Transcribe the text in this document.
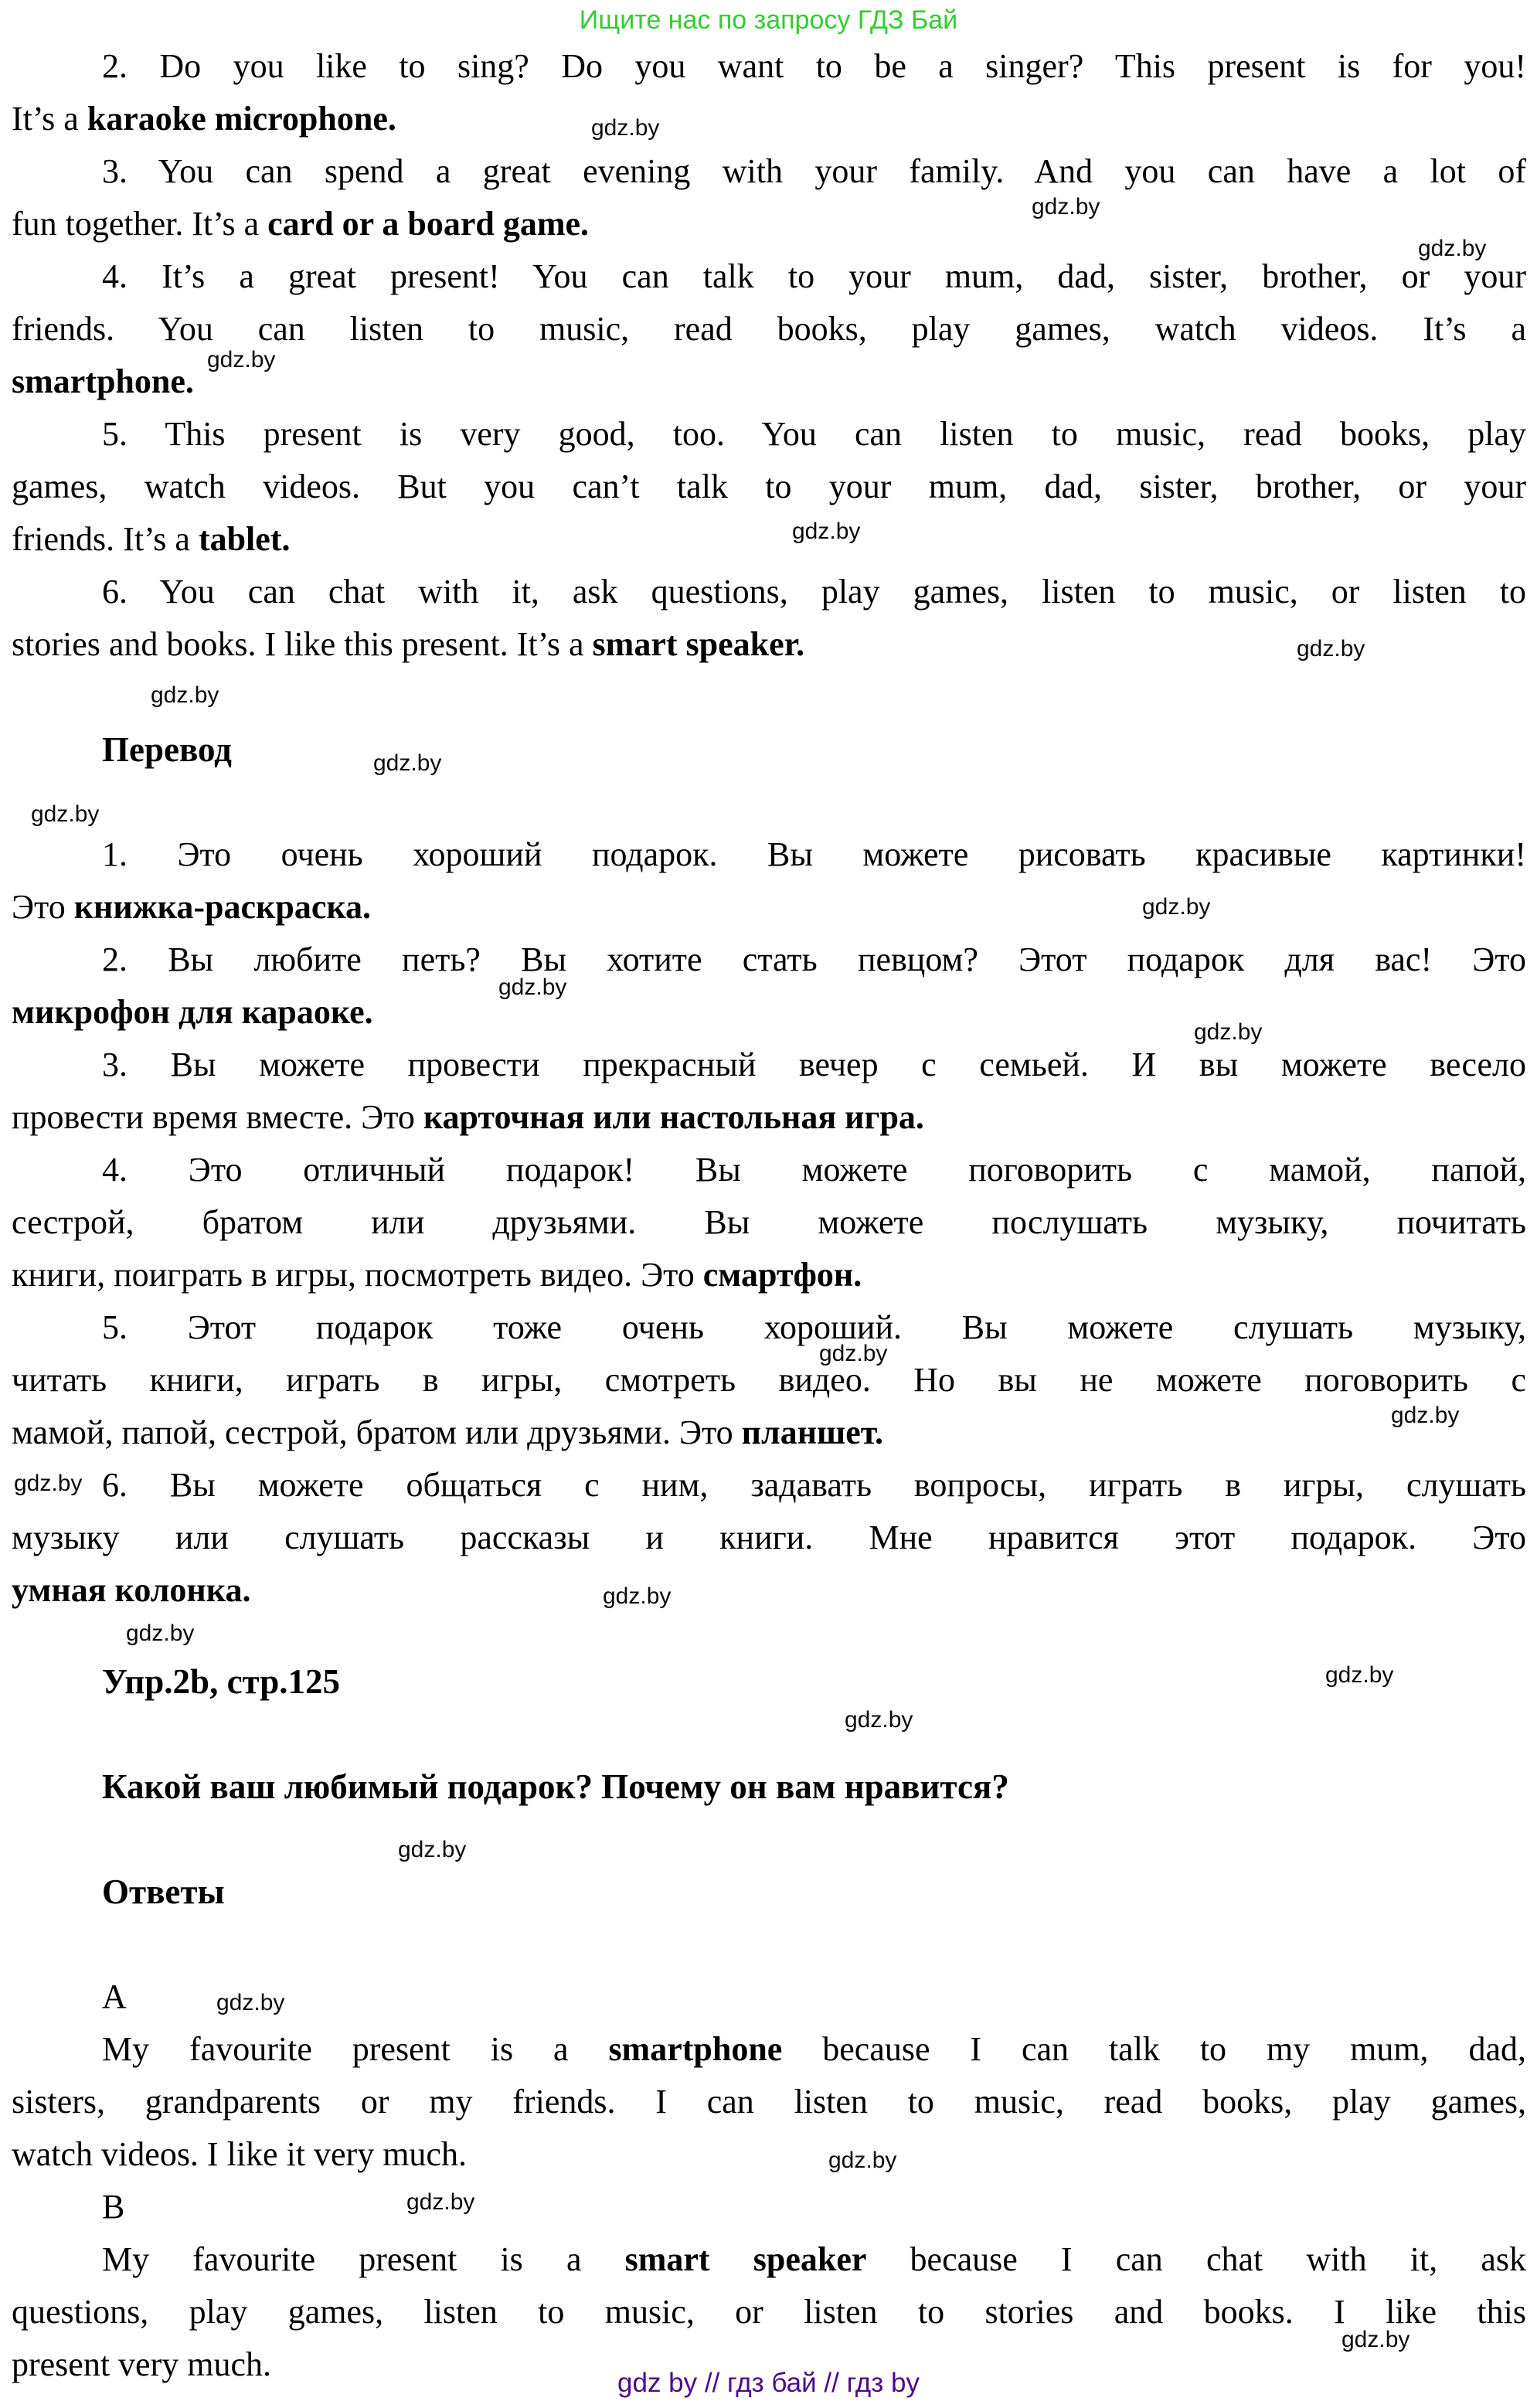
Ищите нас по запросу ГДЗ Бай
2. Do you like to sing? Do you want to be a singer? This present is for you!
It’s a karaoke microphone.
3. You can spend a great evening with your family. And you can have a lot of
fun together. It’s a card or a board game.
4. It’s a great present! You can talk to your mum, dad, sister, brother, or your
friends. You can listen to music, read books, play games, watch videos. It’s a
smartphone.
5. This present is very good, too. You can listen to music, read books, play
games, watch videos. But you can’t talk to your mum, dad, sister, brother, or your
friends. It’s a tablet.
6. You can chat with it, ask questions, play games, listen to music, or listen to
stories and books. I like this present. It’s a smart speaker.
Перевод
1. Это очень хороший подарок. Вы можете рисовать красивые картинки!
Это книжка-раскраска.
2. Вы любите петь? Вы хотите стать певцом? Этот подарок для вас! Это
микрофон для караоке.
3. Вы можете провести прекрасный вечер с семьей. И вы можете весело
провести время вместе. Это карточная или настольная игра.
4. Это отличный подарок! Вы можете поговорить с мамой, папой,
сестрой, братом или друзьями. Вы можете послушать музыку, почитать
книги, поиграть в игры, посмотреть видео. Это смартфон.
5. Этот подарок тоже очень хороший. Вы можете слушать музыку,
читать книги, играть в игры, смотреть видео. Но вы не можете поговорить с
мамой, папой, сестрой, братом или друзьями. Это планшет.
6. Вы можете общаться с ним, задавать вопросы, играть в игры, слушать
музыку или слушать рассказы и книги. Мне нравится этот подарок. Это
умная колонка.
Упр.2b, стр.125
Какой ваш любимый подарок? Почему он вам нравится?
Ответы
A
My favourite present is a smartphone because I can talk to my mum, dad,
sisters, grandparents or my friends. I can listen to music, read books, play games,
watch videos. I like it very much.
B
My favourite present is a smart speaker because I can chat with it, ask
questions, play games, listen to music, or listen to stories and books. I like this
present very much.	gdz by // гдз бай // гдз by
gdz.by
gdz.by
gdz.by
gdz.by
gdz.by
gdz.by
gdz.by
gdz.by
gdz.by
gdz.by
gdz.by
gdz.by
gdz.by
gdz.by
gdz.by
gdz.by
gdz.by
gdz.by
gdz.by
gdz.by
gdz.by
gdz.by
gdz.by
gdz.by
